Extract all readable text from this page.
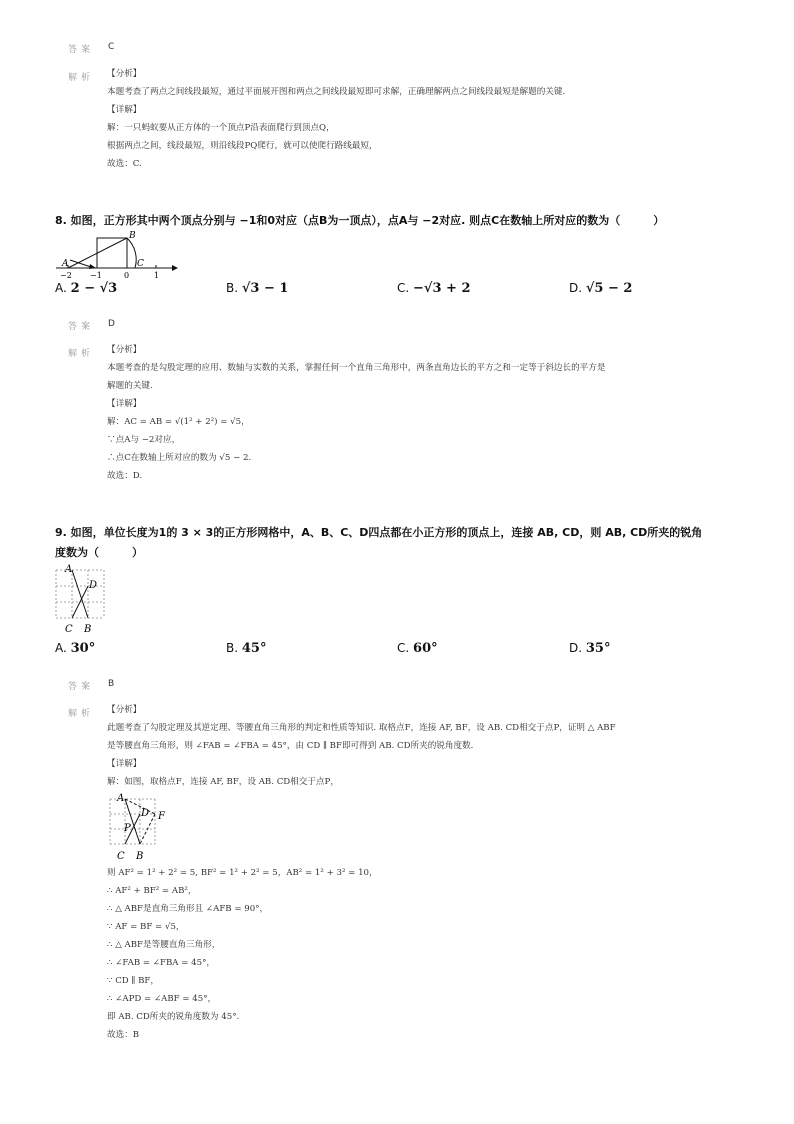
答案 C
解析 【分析】
本题考查了两点之间线段最短，通过平面展开图和两点之间线段最短即可求解，正确理解两点之间线段最短是解题的关键.
【详解】
解：一只蚂蚁要从正方体的一个顶点P沿表面爬行到顶点Q，
根据两点之间，线段最短，则沿线段PQ爬行，就可以使爬行路线最短，
故选：C.
8. 如图，正方形其中两个顶点分别与 −1和0对应（点B为一顶点），点A与 −2对应. 则点C在数轴上所对应的数为（　　　）
A
B
C
−2 −1	0	1
A. 2 − √3	B. √3 − 1	C. −√3 + 2	D. √5 − 2
答案 D
解析 【分析】
本题考查的是勾股定理的应用、数轴与实数的关系，掌握任何一个直角三角形中，两条直角边长的平方之和一定等于斜边长的平方是
解题的关键.
【详解】
解：AC = AB = √(1² + 2²) = √5，
∵点A与 −2对应，
∴点C在数轴上所对应的数为 √5 − 2.
故选：D.
9. 如图，单位长度为1的 3 × 3的正方形网格中，A、B、C、D四点都在小正方形的顶点上，连接 AB, CD，则 AB, CD所夹的锐角
度数为（　　　）
A
D
C B
A. 30°	B. 45°	C. 60°	D. 35°
答案 B
解析 【分析】
此题考查了勾股定理及其逆定理、等腰直角三角形的判定和性质等知识. 取格点F，连接 AF, BF，设 AB. CD相交于点P，证明 △ ABF
是等腰直角三角形，则 ∠FAB = ∠FBA = 45°，由 CD ∥ BF即可得到 AB. CD所夹的锐角度数.
【详解】
解：如图，取格点F，连接 AF, BF，设 AB. CD相交于点P，
A
D F
P
C B
则 AF² = 1² + 2² = 5, BF² = 1² + 2² = 5，AB² = 1² + 3² = 10，
∴ AF² + BF² = AB²，
∴ △ ABF是直角三角形且 ∠AFB = 90°，
∵ AF = BF = √5，
∴ △ ABF是等腰直角三角形，
∴ ∠FAB = ∠FBA = 45°，
∵ CD ∥ BF，
∴ ∠APD = ∠ABF = 45°，
即 AB. CD所夹的锐角度数为 45°.
故选：B
